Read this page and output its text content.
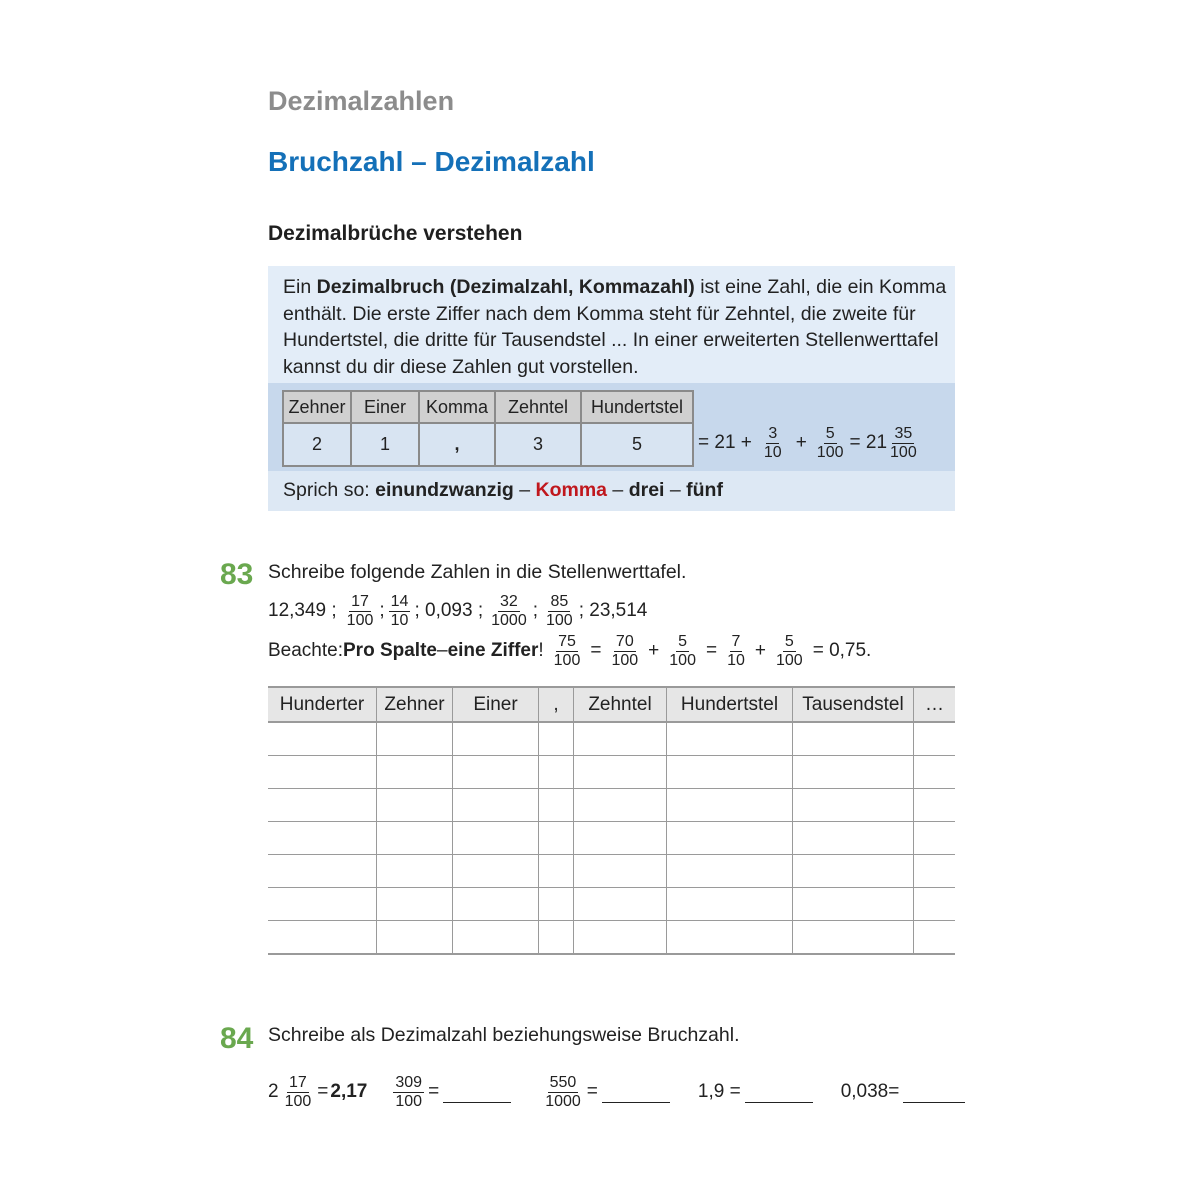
Dezimalzahlen
Bruchzahl – Dezimalzahl
Dezimalbrüche verstehen
Ein Dezimalbruch (Dezimalzahl, Kommazahl) ist eine Zahl, die ein Komma enthält. Die erste Ziffer nach dem Komma steht für Zehntel, die zweite für Hundertstel, die dritte für Tausendstel ... In einer erweiterten Stellenwerttafel kannst du dir diese Zahlen gut vorstellen.
Zehner	Einer	Komma	Zehntel	Hundertstel
2	1	,	3	5	= $21 + \frac{3}{10} + \frac{5}{100} = 21 \frac{35}{100}$
Sprich so: einundzwanzig – Komma – drei – fünf
83 Schreibe folgende Zahlen in die Stellenwerttafel.
12,349 ; $\frac{17}{100}$ ; $\frac{14}{10}$ ; 0,093 ; $\frac{32}{1000}$ ; $\frac{85}{100}$ ; 23,514
Beachte: Pro Spalte – eine Ziffer ! $\frac{75}{100} = \frac{70}{100} + \frac{5}{100} = \frac{7}{10} + \frac{5}{100} = 0,75$.
Hunderter	Zehner	Einer	,	Zehntel	Hundertstel	Tausendstel	…

84 Schreibe als Dezimalzahl beziehungsweise Bruchzahl.
$2 \frac{17}{100} = 2,17 \frac{309}{100}$ =	$\frac{550}{1000}$ =	1,9 =	0,038=
